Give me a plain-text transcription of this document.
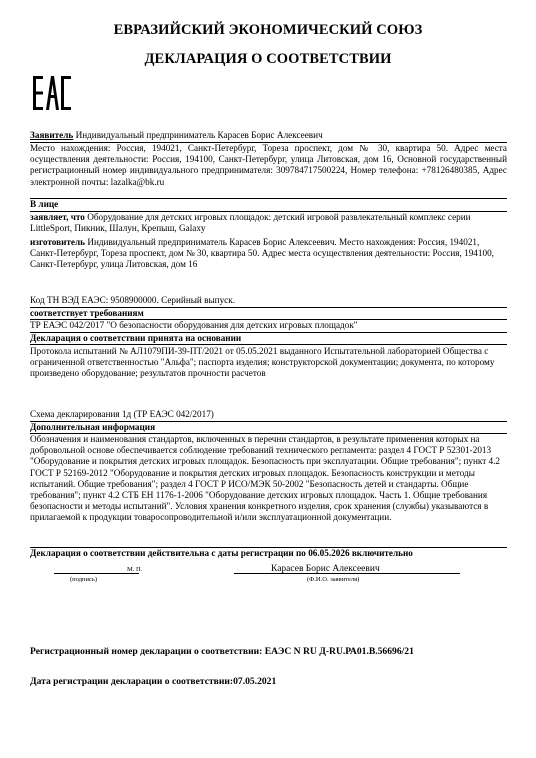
ЕВРАЗИЙСКИЙ ЭКОНОМИЧЕСКИЙ СОЮЗ
ДЕКЛАРАЦИЯ О СООТВЕТСТВИИ
Заявитель Индивидуальный предприниматель Карасев Борис Алексеевич
Место нахождения: Россия, 194021, Санкт-Петербург, Тореза проспект, дом № 30, квартира 50. Адрес места осуществления деятельности: Россия, 194100, Санкт-Петербург, улица Литовская, дом 16, Основной государственный регистрационный номер индивидуального предпринимателя: 309784717500224, Номер телефона: +78126480385, Адрес электронной почты: lazalka@bk.ru
В лице
заявляет, что Оборудование для детских игровых площадок: детский игровой развлекательный комплекс серии LittleSport, Пикник, Шалун, Крепыш, Galaxy
изготовитель Индивидуальный предприниматель Карасев Борис Алексеевич. Место нахождения: Россия, 194021, Санкт-Петербург, Тореза проспект, дом № 30, квартира 50. Адрес места осуществления деятельности: Россия, 194100, Санкт-Петербург, улица Литовская, дом 16
Код ТН ВЭД ЕАЭС: 9508900000. Серийный выпуск.
соответствует требованиям
ТР ЕАЭС 042/2017 "О безопасности оборудования для детских игровых площадок"
Декларация о соответствии принята на основании
Протокола испытаний № АЛ1079ПИ-39-ПТ/2021 от 05.05.2021 выданного Испытательной лабораторией Общества с ограниченной ответственностью "Альфа"; паспорта изделия; конструкторской документации; документа, по которому произведено оборудование; результатов прочности расчетов
Схема декларирования 1д (ТР ЕАЭС 042/2017)
Дополнительная информация
Обозначения и наименования стандартов, включенных в перечни стандартов, в результате применения которых на добровольной основе обеспечивается соблюдение требований технического регламента: раздел 4 ГОСТ Р 52301-2013 "Оборудование и покрытия детских игровых площадок. Безопасность при эксплуатации. Общие требования"; пункт 4.2 ГОСТ Р 52169-2012 "Оборудование и покрытия детских игровых площадок. Безопасность конструкции и методы испытаний. Общие требования"; раздел 4 ГОСТ Р ИСО/МЭК 50-2002 "Безопасность детей и стандарты. Общие требования"; пункт 4.2 СТБ ЕН 1176-1-2006 "Оборудование детских игровых площадок. Часть 1. Общие требования безопасности и методы испытаний". Условия хранения конкретного изделия, срок хранения (службы) указываются в прилагаемой к продукции товаросопроводительной и/или эксплуатационной документации.
Декларация о соответствии действительна с даты регистрации по 06.05.2026 включительно
М. П.	Карасев Борис Алексеевич
(подпись)	(Ф.И.О. заявителя)
Регистрационный номер декларации о соответствии: ЕАЭС N RU Д-RU.РА01.В.56696/21
Дата регистрации декларации о соответствии:07.05.2021
